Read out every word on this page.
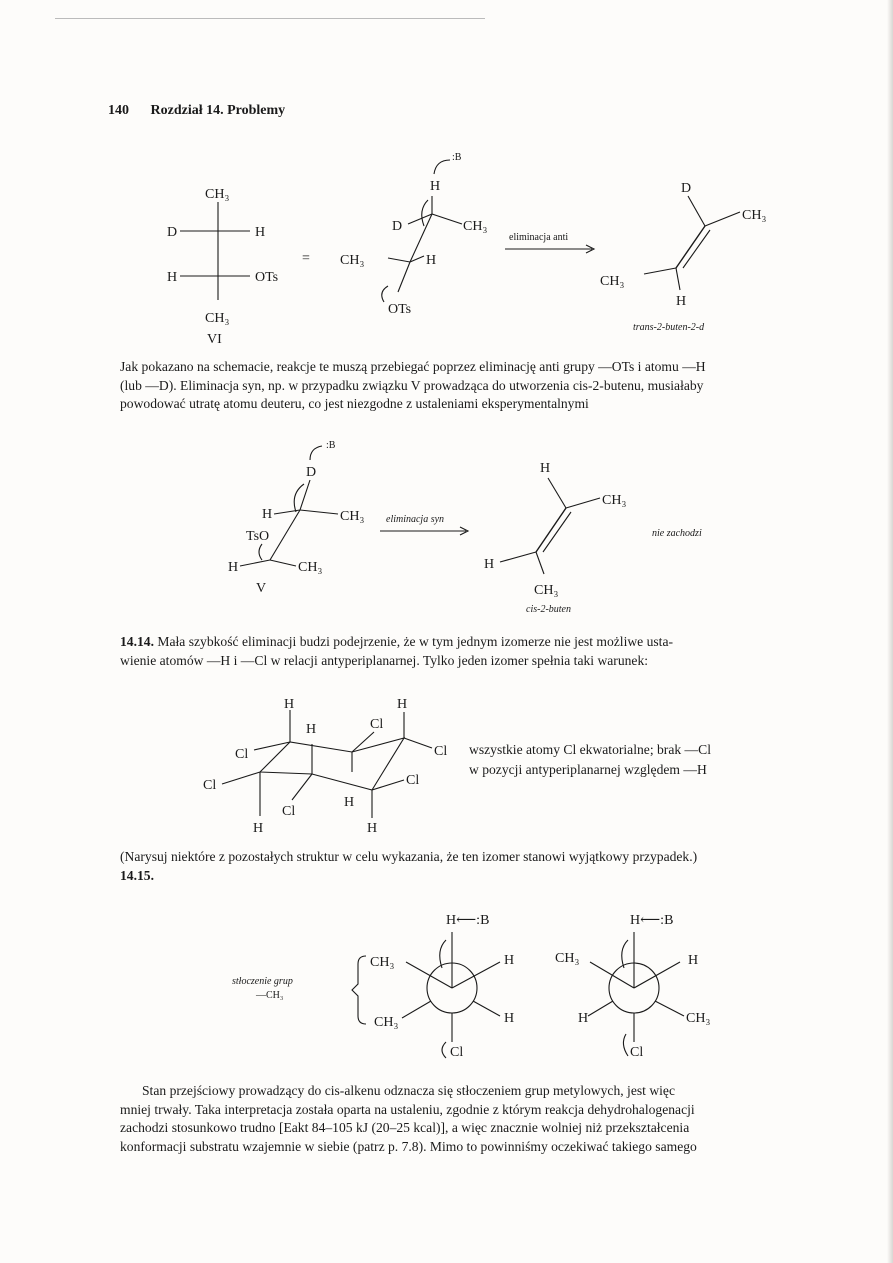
140 Rozdział 14. Problemy
CH₃
D	H
H	OTs
CH₃
VI
=
:B
H
D	CH₃
CH₃	H
OTs
eliminacja anti
D
CH₃
CH₃
H
trans-2-buten-2-d
:B
D
H	CH₃
TsO
H	CH₃
V
eliminacja syn
H
CH₃
H
CH₃
cis-2-buten
nie zachodzi
H	H
H	Cl
Cl	Cl
Cl	Cl
Cl
H
H	H
stłoczenie grup
—CH₃
H⟵:B
CH₃
CH₃
H
H
Cl
H⟵:B
CH₃	H
H	CH₃
Cl
Jak pokazano na schemacie, reakcje te muszą przebiegać poprzez eliminację anti grupy —OTs i atomu —H
(lub —D). Eliminacja syn, np. w przypadku związku V prowadząca do utworzenia cis-2-butenu, musiałaby
powodować utratę atomu deuteru, co jest niezgodne z ustaleniami eksperymentalnymi
14.14. Mała szybkość eliminacji budzi podejrzenie, że w tym jednym izomerze nie jest możliwe usta-
wienie atomów —H i —Cl w relacji antyperiplanarnej. Tylko jeden izomer spełnia taki warunek:
wszystkie atomy Cl ekwatorialne; brak —Cl
w pozycji antyperiplanarnej względem —H
(Narysuj niektóre z pozostałych struktur w celu wykazania, że ten izomer stanowi wyjątkowy przypadek.)
14.15.
Stan przejściowy prowadzący do cis-alkenu odznacza się stłoczeniem grup metylowych, jest więc
mniej trwały. Taka interpretacja została oparta na ustaleniu, zgodnie z którym reakcja dehydrohalogenacji
zachodzi stosunkowo trudno [Eakt 84–105 kJ (20–25 kcal)], a więc znacznie wolniej niż przekształcenia
konformacji substratu wzajemnie w siebie (patrz p. 7.8). Mimo to powinniśmy oczekiwać takiego samego
